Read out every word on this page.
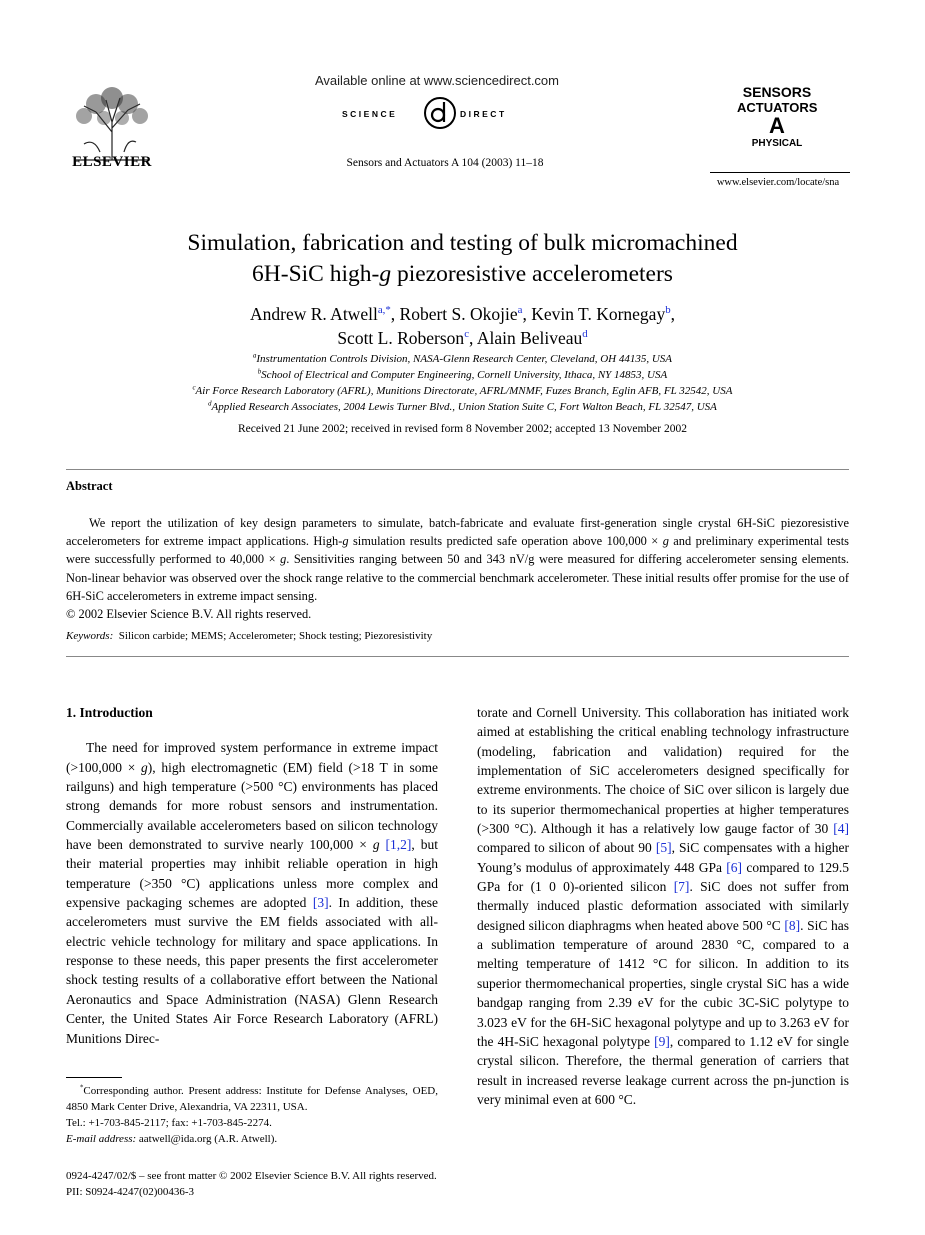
ELSEVIER
Available online at www.sciencedirect.com
SCIENCE	DIRECT
Sensors and Actuators A 104 (2003) 11–18
SENSORS
ACTUATORS
A
PHYSICAL
www.elsevier.com/locate/sna
Simulation, fabrication and testing of bulk micromachined
6H-SiC high-g piezoresistive accelerometers
Andrew R. Atwell$^{a,*}$, Robert S. Okojie$^a$, Kevin T. Kornegay$^b$,
Scott L. Roberson$^c$, Alain Beliveau$^d$
$^a$Instrumentation Controls Division, NASA-Glenn Research Center, Cleveland, OH 44135, USA
$^b$School of Electrical and Computer Engineering, Cornell University, Ithaca, NY 14853, USA
$^c$Air Force Research Laboratory (AFRL), Munitions Directorate, AFRL/MNMF, Fuzes Branch, Eglin AFB, FL 32542, USA
$^d$Applied Research Associates, 2004 Lewis Turner Blvd., Union Station Suite C, Fort Walton Beach, FL 32547, USA
Received 21 June 2002; received in revised form 8 November 2002; accepted 13 November 2002
Abstract

We report the utilization of key design parameters to simulate, batch-fabricate and evaluate first-generation single crystal 6H-SiC piezoresistive accelerometers for extreme impact applications. High-g simulation results predicted safe operation above 100,000 × g and preliminary experimental tests were successfully performed to 40,000 × g. Sensitivities ranging between 50 and 343 nV/g were measured for differing accelerometer sensing elements. Non-linear behavior was observed over the shock range relative to the commercial benchmark accelerometer. These initial results offer promise for the use of 6H-SiC accelerometers in extreme impact sensing.

© 2002 Elsevier Science B.V. All rights reserved.
Keywords: Silicon carbide; MEMS; Accelerometer; Shock testing; Piezoresistivity

1. Introduction

The need for improved system performance in extreme impact (>100,000 × g), high electromagnetic (EM) field (>18 T in some railguns) and high temperature (>500 °C) environments has placed strong demands for more robust sensors and instrumentation. Commercially available accelerometers based on silicon technology have been demonstrated to survive nearly 100,000 × g [1,2], but their material properties may inhibit reliable operation in high temperature (>350 °C) applications unless more complex and expensive packaging schemes are adopted [3]. In addition, these accelerometers must survive the EM fields associated with all-electric vehicle technology for military and space applications. In response to these needs, this paper presents the first accelerometer shock testing results of a collaborative effort between the National Aeronautics and Space Administration (NASA) Glenn Research Center, the United States Air Force Research Laboratory (AFRL) Munitions Direc-

torate and Cornell University. This collaboration has initiated work aimed at establishing the critical enabling technology infrastructure (modeling, fabrication and validation) required for the implementation of SiC accelerometers designed specifically for extreme environments. The choice of SiC over silicon is largely due to its superior thermomechanical properties at higher temperatures (>300 °C). Although it has a relatively low gauge factor of 30 [4] compared to silicon of about 90 [5], SiC compensates with a higher Young’s modulus of approximately 448 GPa [6] compared to 129.5 GPa for (1 0 0)-oriented silicon [7]. SiC does not suffer from thermally induced plastic deformation associated with similarly designed silicon diaphragms when heated above 500 °C [8]. SiC has a sublimation temperature of around 2830 °C, compared to a melting temperature of 1412 °C for silicon. In addition to its superior thermomechanical properties, single crystal SiC has a wide bandgap ranging from 2.39 eV for the cubic 3C-SiC polytype to 3.023 eV for the 6H-SiC hexagonal polytype and up to 3.263 eV for the 4H-SiC hexagonal polytype [9], compared to 1.12 eV for single crystal silicon. Therefore, the thermal generation of carriers that result in increased reverse leakage current across the pn-junction is very minimal even at 600 °C.

*Corresponding author. Present address: Institute for Defense Analyses, OED, 4850 Mark Center Drive, Alexandria, VA 22311, USA.

Tel.: +1-703-845-2117; fax: +1-703-845-2274.

E-mail address: aatwell@ida.org (A.R. Atwell).

0924-4247/02/$ – see front matter © 2002 Elsevier Science B.V. All rights reserved.

PII: S0924-4247(02)00436-3
